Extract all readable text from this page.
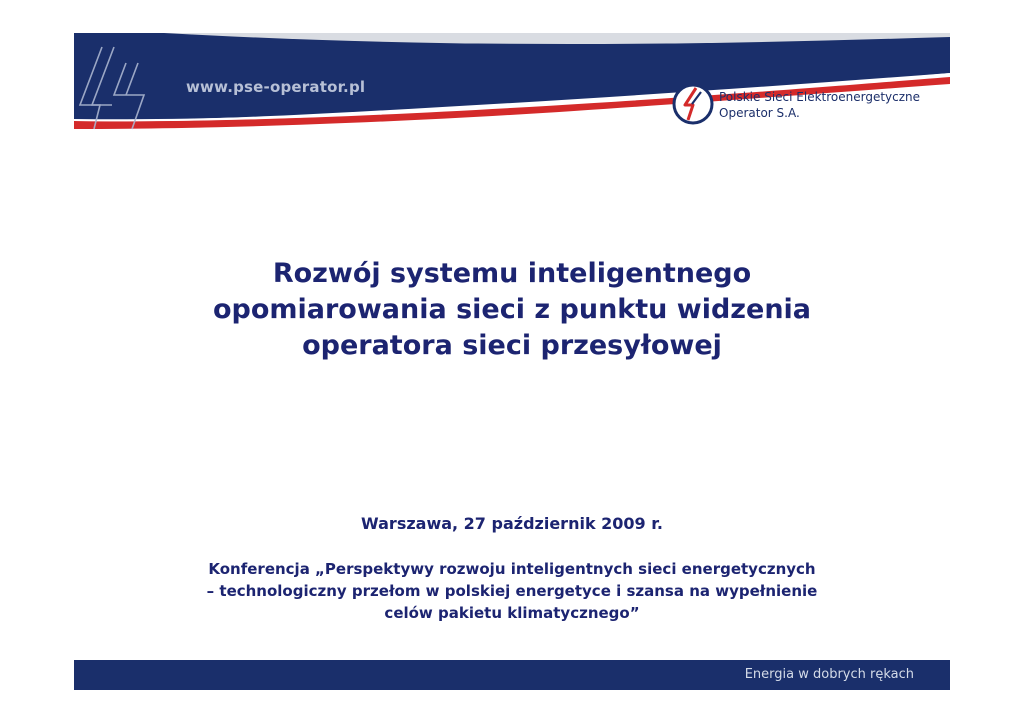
www.pse-operator.pl
Polskie Sieci Elektroenergetyczne
Operator S.A.
Rozwój systemu inteligentnego
opomiarowania sieci z punktu widzenia
operatora sieci przesyłowej
Warszawa, 27 październik 2009 r.
Konferencja „Perspektywy rozwoju inteligentnych sieci energetycznych
– technologiczny przełom w polskiej energetyce i szansa na wypełnienie
celów pakietu klimatycznego”
Energia w dobrych rękach
